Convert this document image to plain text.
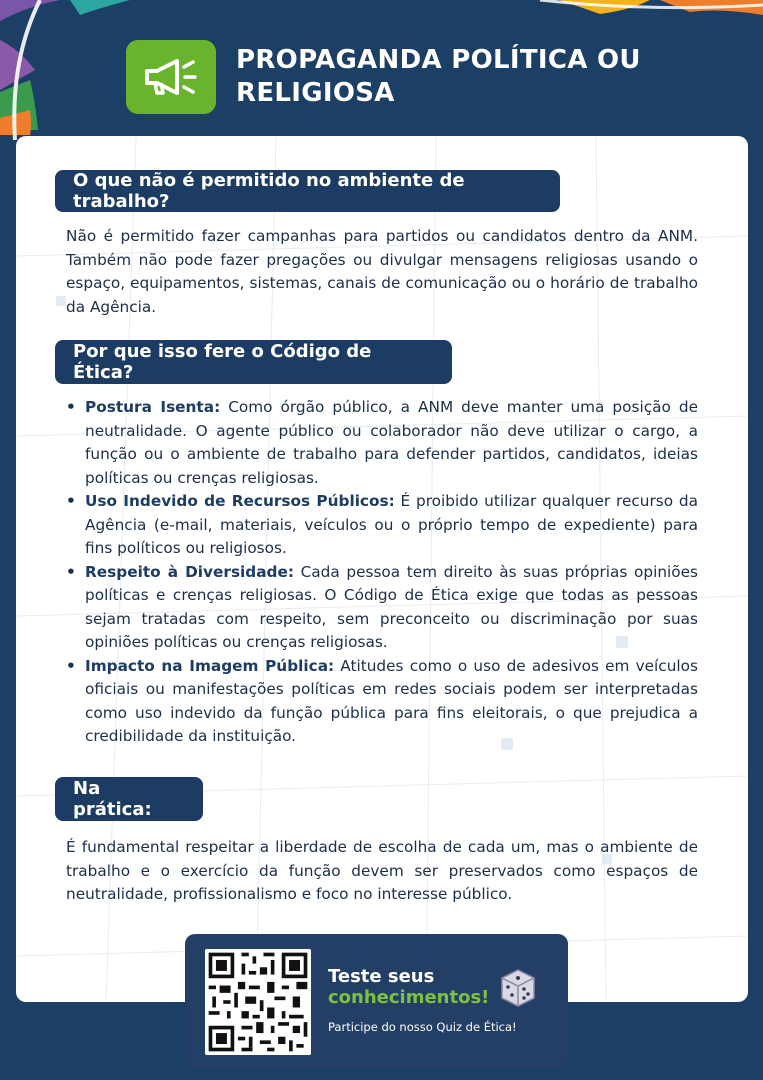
PROPAGANDA POLÍTICA OU RELIGIOSA
O que não é permitido no ambiente de trabalho?

Não é permitido fazer campanhas para partidos ou candidatos dentro da ANM. Também não pode fazer pregações ou divulgar mensagens religiosas usando o espaço, equipamentos, sistemas, canais de comunicação ou o horário de trabalho da Agência.

Por que isso fere o Código de Ética?
• Postura Isenta: Como órgão público, a ANM deve manter uma posição de neutralidade. O agente público ou colaborador não deve utilizar o cargo, a função ou o ambiente de trabalho para defender partidos, candidatos, ideias políticas ou crenças religiosas.
• Uso Indevido de Recursos Públicos: É proibido utilizar qualquer recurso da Agência (e-mail, materiais, veículos ou o próprio tempo de expediente) para fins políticos ou religiosos.
• Respeito à Diversidade: Cada pessoa tem direito às suas próprias opiniões políticas e crenças religiosas. O Código de Ética exige que todas as pessoas sejam tratadas com respeito, sem preconceito ou discriminação por suas opiniões políticas ou crenças religiosas.
• Impacto na Imagem Pública: Atitudes como o uso de adesivos em veículos oficiais ou manifestações políticas em redes sociais podem ser interpretadas como uso indevido da função pública para fins eleitorais, o que prejudica a credibilidade da instituição.
Na prática:

É fundamental respeitar a liberdade de escolha de cada um, mas o ambiente de trabalho e o exercício da função devem ser preservados como espaços de neutralidade, profissionalismo e foco no interesse público.

Teste seus
conhecimentos!
Participe do nosso Quiz de Ética!
